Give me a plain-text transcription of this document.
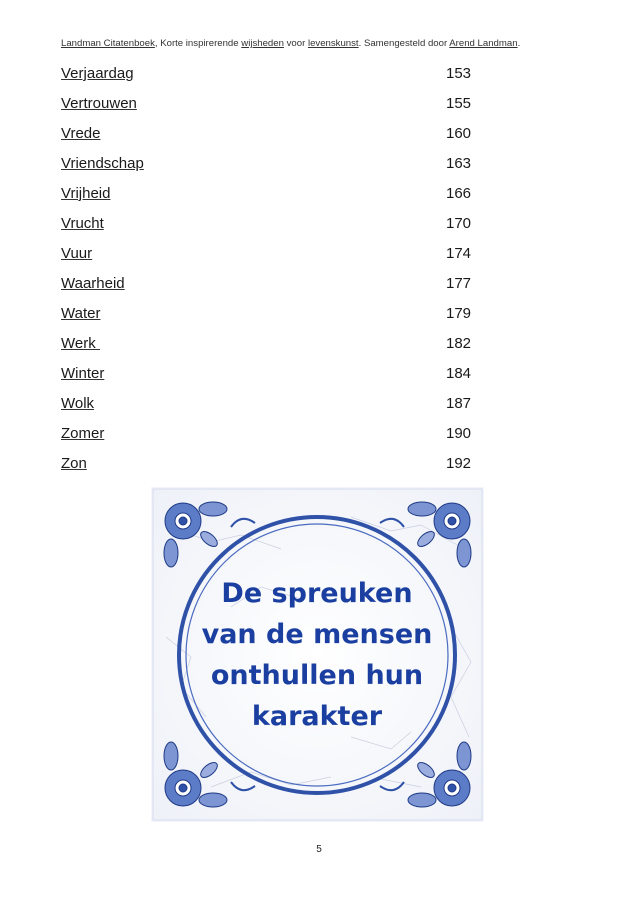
Landman Citatenboek, Korte inspirerende wijsheden voor levenskunst. Samengesteld door Arend Landman.
Verjaardag	153
Vertrouwen	155
Vrede	160
Vriendschap	163
Vrijheid	166
Vrucht	170
Vuur	174
Waarheid	177
Water	179
Werk	182
Winter	184
Wolk	187
Zomer	190
Zon	192
De spreuken
van de mensen
onthullen hun
karakter
5
